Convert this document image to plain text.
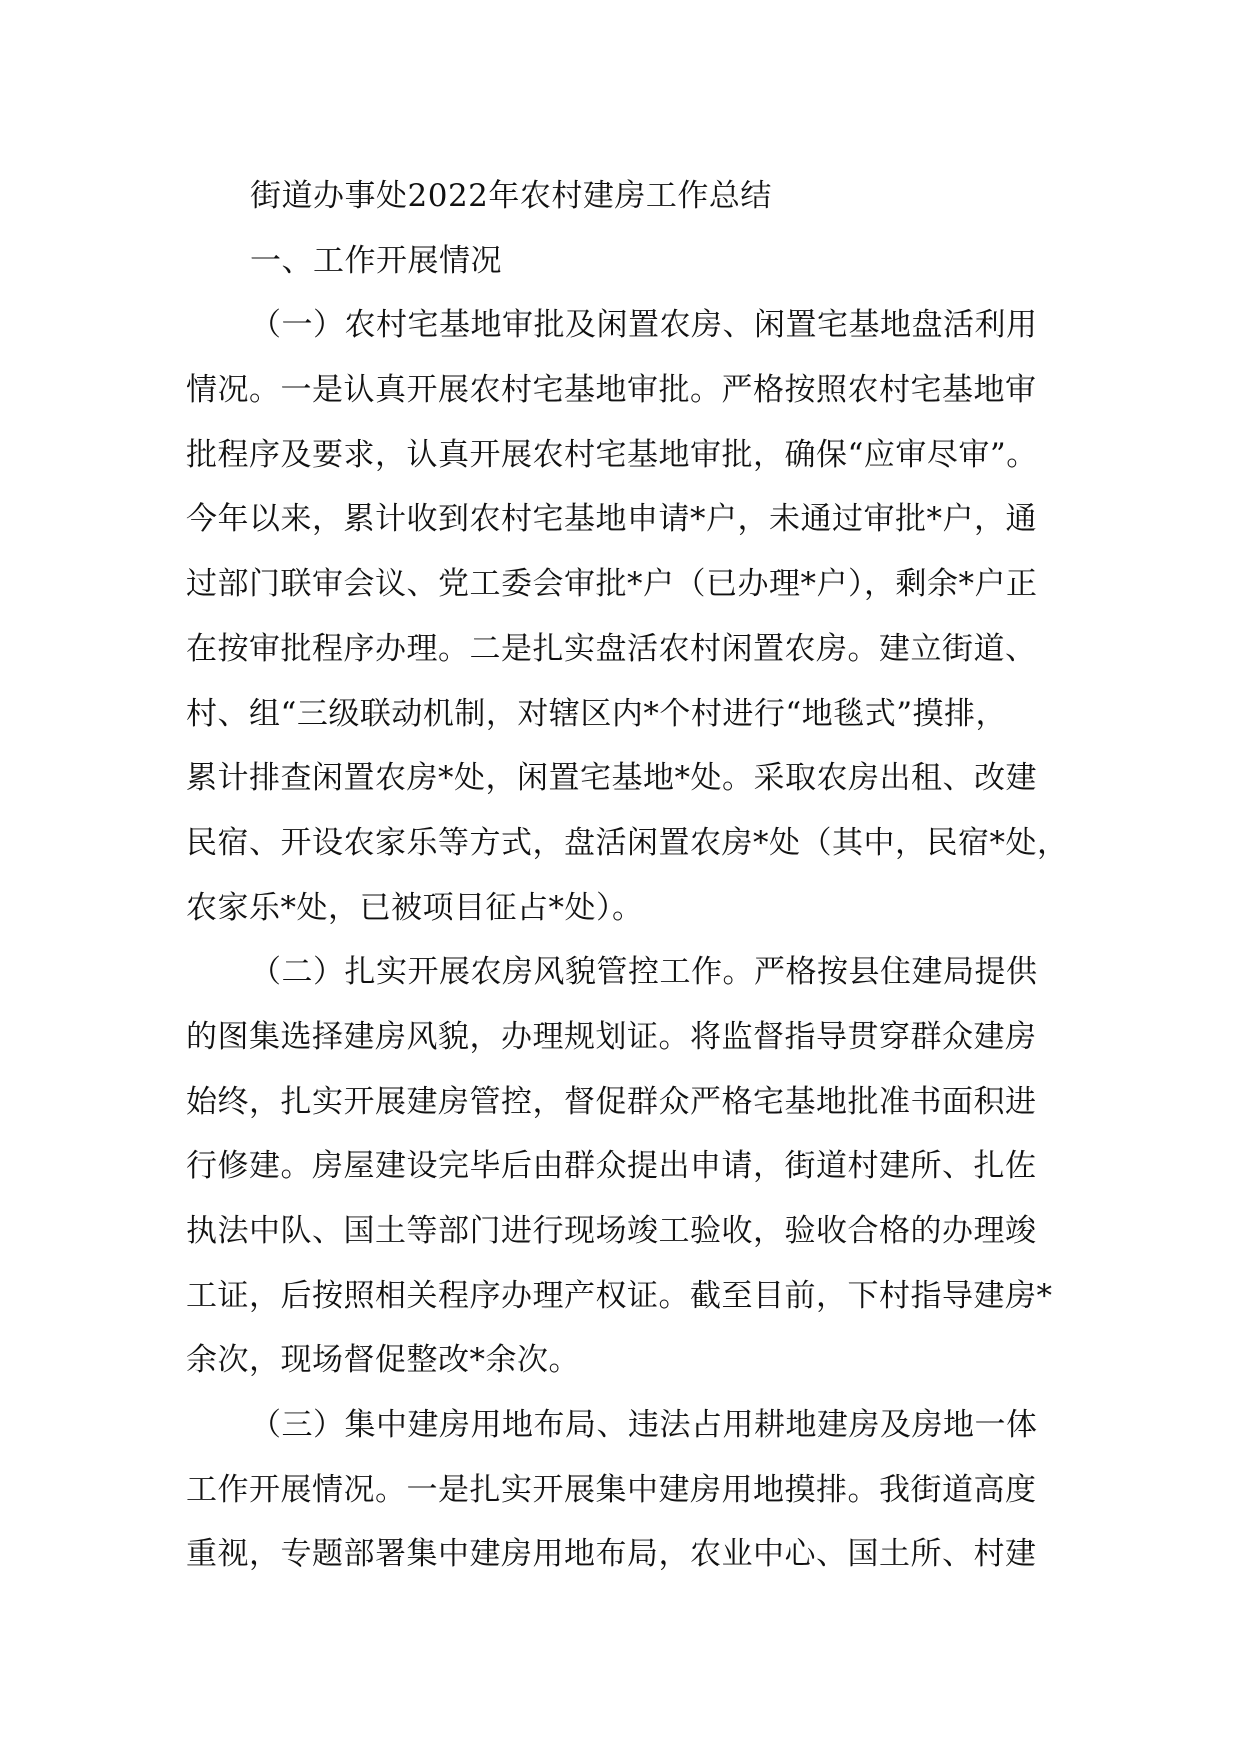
街道办事处2022年农村建房工作总结
一、工作开展情况
（一）农村宅基地审批及闲置农房、闲置宅基地盘活利用
情况。一是认真开展农村宅基地审批。严格按照农村宅基地审
批程序及要求，认真开展农村宅基地审批，确保“应审尽审”。
今年以来，累计收到农村宅基地申请*户，未通过审批*户，通
过部门联审会议、党工委会审批*户（已办理*户），剩余*户正
在按审批程序办理。二是扎实盘活农村闲置农房。建立街道、
村、组“三级联动机制，对辖区内*个村进行“地毯式”摸排，
累计排查闲置农房*处，闲置宅基地*处。采取农房出租、改建
民宿、开设农家乐等方式，盘活闲置农房*处（其中，民宿*处，
农家乐*处，已被项目征占*处）。
（二）扎实开展农房风貌管控工作。严格按县住建局提供
的图集选择建房风貌，办理规划证。将监督指导贯穿群众建房
始终，扎实开展建房管控，督促群众严格宅基地批准书面积进
行修建。房屋建设完毕后由群众提出申请，街道村建所、扎佐
执法中队、国土等部门进行现场竣工验收，验收合格的办理竣
工证，后按照相关程序办理产权证。截至目前，下村指导建房*
余次，现场督促整改*余次。
（三）集中建房用地布局、违法占用耕地建房及房地一体
工作开展情况。一是扎实开展集中建房用地摸排。我街道高度
重视，专题部署集中建房用地布局，农业中心、国土所、村建
